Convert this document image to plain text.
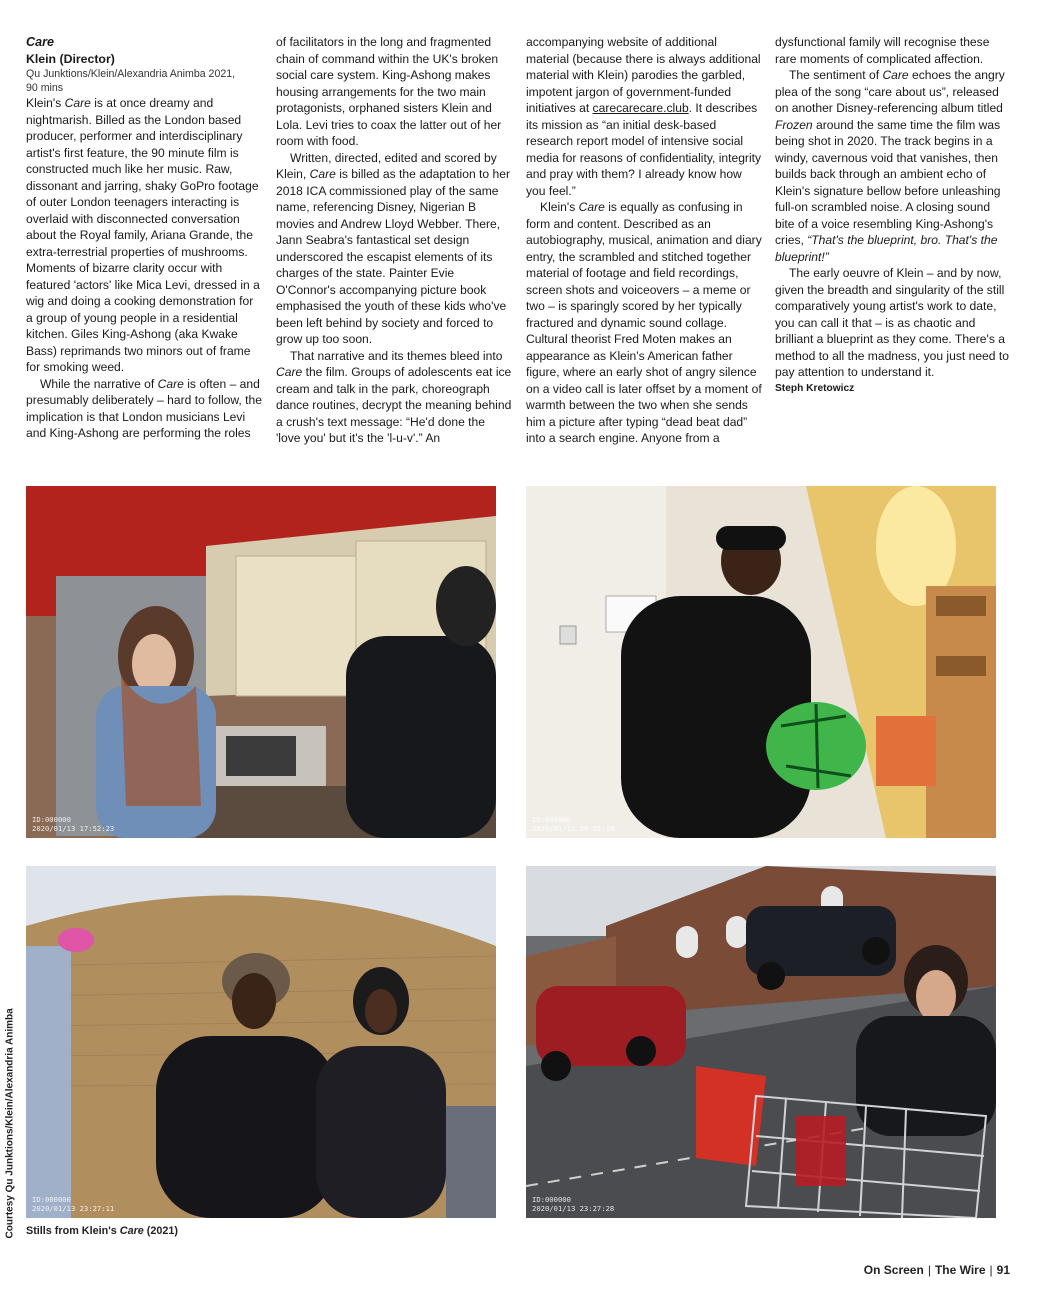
Care

Klein (Director)

Qu Junktions/Klein/Alexandria Animba 2021,

90 mins

Klein's Care is at once dreamy and nightmarish. Billed as the London based producer, performer and interdisciplinary artist's first feature, the 90 minute film is constructed much like her music. Raw, dissonant and jarring, shaky GoPro footage of outer London teenagers interacting is overlaid with disconnected conversation about the Royal family, Ariana Grande, the extra-terrestrial properties of mushrooms. Moments of bizarre clarity occur with featured 'actors' like Mica Levi, dressed in a wig and doing a cooking demonstration for a group of young people in a residential kitchen. Giles King-Ashong (aka Kwake Bass) reprimands two minors out of frame for smoking weed.

While the narrative of Care is often – and presumably deliberately – hard to follow, the implication is that London musicians Levi and King-Ashong are performing the roles

of facilitators in the long and fragmented chain of command within the UK's broken social care system. King-Ashong makes housing arrangements for the two main protagonists, orphaned sisters Klein and Lola. Levi tries to coax the latter out of her room with food.

Written, directed, edited and scored by Klein, Care is billed as the adaptation to her 2018 ICA commissioned play of the same name, referencing Disney, Nigerian B movies and Andrew Lloyd Webber. There, Jann Seabra's fantastical set design underscored the escapist elements of its charges of the state. Painter Evie O'Connor's accompanying picture book emphasised the youth of these kids who've been left behind by society and forced to grow up too soon.

That narrative and its themes bleed into Care the film. Groups of adolescents eat ice cream and talk in the park, choreograph dance routines, decrypt the meaning behind a crush's text message: “He'd done the 'love you' but it's the 'l-u-v'.” An

accompanying website of additional material (because there is always additional material with Klein) parodies the garbled, impotent jargon of government-funded initiatives at carecarecare.club. It describes its mission as “an initial desk-based research report model of intensive social media for reasons of confidentiality, integrity and pray with them? I already know how you feel.”

Klein's Care is equally as confusing in form and content. Described as an autobiography, musical, animation and diary entry, the scrambled and stitched together material of footage and field recordings, screen shots and voiceovers – a meme or two – is sparingly scored by her typically fractured and dynamic sound collage. Cultural theorist Fred Moten makes an appearance as Klein's American father figure, where an early shot of angry silence on a video call is later offset by a moment of warmth between the two when she sends him a picture after typing “dead beat dad” into a search engine. Anyone from a

dysfunctional family will recognise these rare moments of complicated affection.

The sentiment of Care echoes the angry plea of the song “care about us”, released on another Disney-referencing album titled Frozen around the same time the film was being shot in 2020. The track begins in a windy, cavernous void that vanishes, then builds back through an ambient echo of Klein's signature bellow before unleashing full-on scrambled noise. A closing sound bite of a voice resembling King-Ashong's cries, “That's the blueprint, bro. That's the blueprint!”

The early oeuvre of Klein – and by now, given the breadth and singularity of the still comparatively young artist's work to date, you can call it that – is as chaotic and brilliant a blueprint as they come. There's a method to all the madness, you just need to pay attention to understand it.

Steph Kretowicz

ID:000000
2020/01/13 17:52:23
ID:000000
2020/01/13 20:55:18
ID:000000
2020/01/13 23:27:11
ID:000000
2020/01/13 23:27:28
Courtesy Qu Junktions/Klein/Alexandria Animba Stills from Klein's Care (2021)
On Screen | The Wire | 91
